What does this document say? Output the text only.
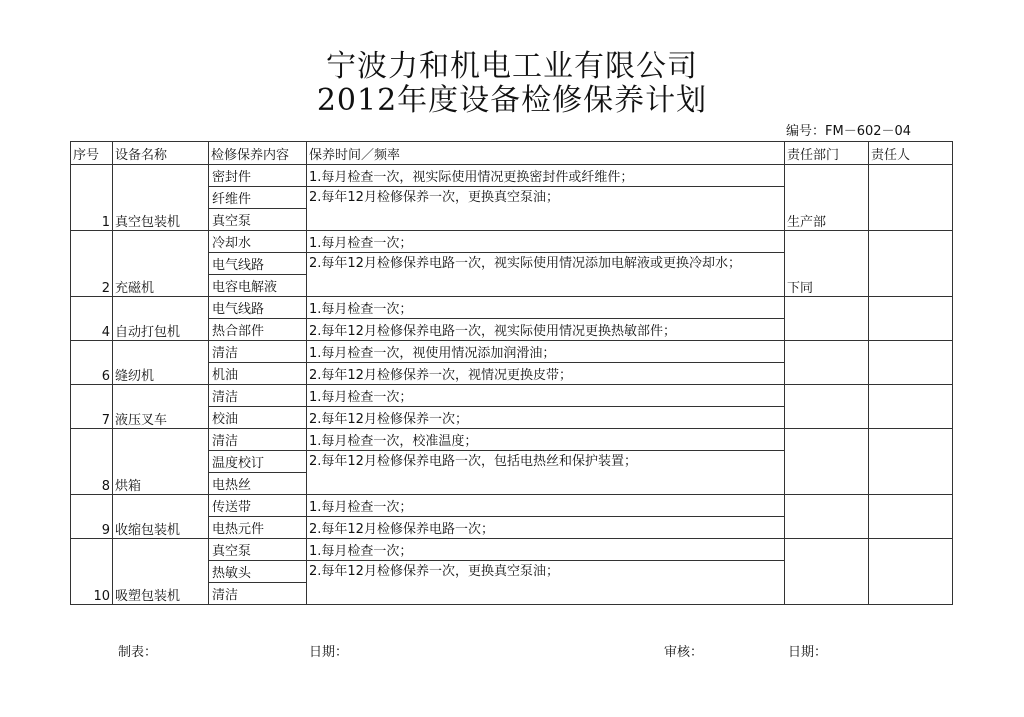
宁波力和机电工业有限公司
2012年度设备检修保养计划
编号：FM－602－04
序号	设备名称	检修保养内容	保养时间／频率	责任部门	责任人
1	真空包装机	密封件	1.每月检查一次，视实际使用情况更换密封件或纤维件；	生产部	
		纤维件	2.每年12月检修保养一次，更换真空泵油；		
		真空泵			
2	充磁机	冷却水	1.每月检查一次；	下同	
		电气线路	2.每年12月检修保养电路一次，视实际使用情况添加电解液或更换冷却水；		
		电容电解液			
4	自动打包机	电气线路	1.每月检查一次；		
		热合部件	2.每年12月检修保养电路一次，视实际使用情况更换热敏部件；		
6	缝纫机	清洁	1.每月检查一次，视使用情况添加润滑油；		
		机油	2.每年12月检修保养一次，视情况更换皮带；		
7	液压叉车	清洁	1.每月检查一次；		
		校油	2.每年12月检修保养一次；		
8	烘箱	清洁	1.每月检查一次，校准温度；		
		温度校订	2.每年12月检修保养电路一次，包括电热丝和保护装置；		
		电热丝			
9	收缩包装机	传送带	1.每月检查一次；		
		电热元件	2.每年12月检修保养电路一次；		
10	吸塑包装机	真空泵	1.每月检查一次；		
		热敏头	2.每年12月检修保养一次，更换真空泵油；		
		清洁			
制表：	日期：	审核：	日期：
